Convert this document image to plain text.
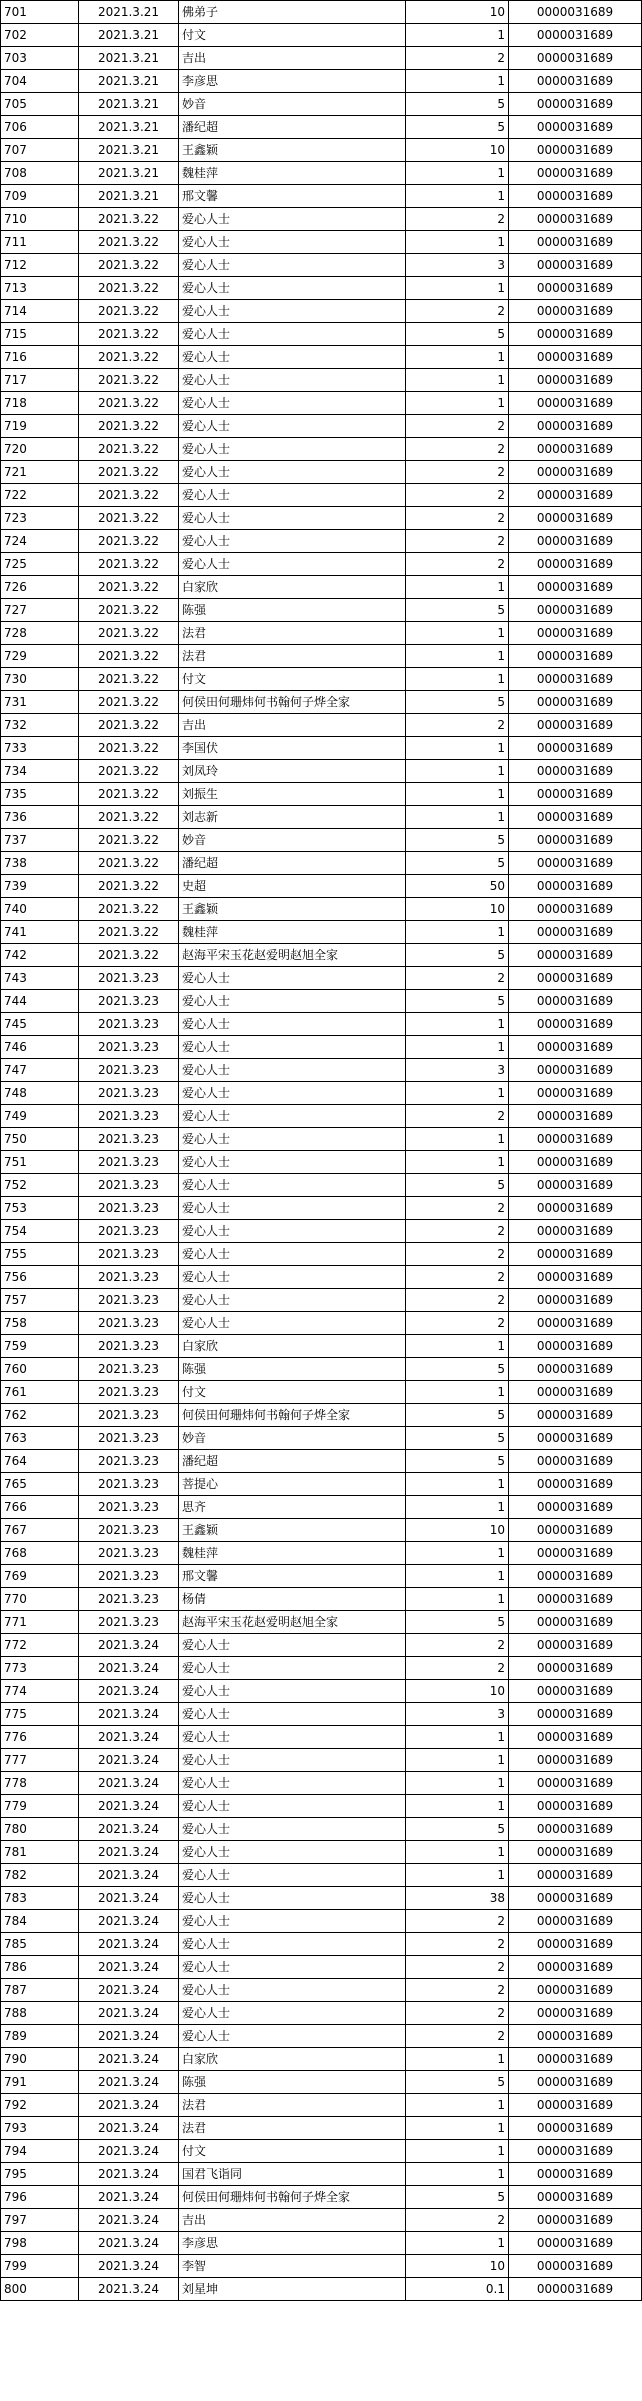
701	2021.3.21	佛弟子	10	0000031689
702	2021.3.21	付文	1	0000031689
703	2021.3.21	吉出	2	0000031689
704	2021.3.21	李彦思	1	0000031689
705	2021.3.21	妙音	5	0000031689
706	2021.3.21	潘纪超	5	0000031689
707	2021.3.21	王鑫颖	10	0000031689
708	2021.3.21	魏桂萍	1	0000031689
709	2021.3.21	邢文馨	1	0000031689
710	2021.3.22	爱心人士	2	0000031689
711	2021.3.22	爱心人士	1	0000031689
712	2021.3.22	爱心人士	3	0000031689
713	2021.3.22	爱心人士	1	0000031689
714	2021.3.22	爱心人士	2	0000031689
715	2021.3.22	爱心人士	5	0000031689
716	2021.3.22	爱心人士	1	0000031689
717	2021.3.22	爱心人士	1	0000031689
718	2021.3.22	爱心人士	1	0000031689
719	2021.3.22	爱心人士	2	0000031689
720	2021.3.22	爱心人士	2	0000031689
721	2021.3.22	爱心人士	2	0000031689
722	2021.3.22	爱心人士	2	0000031689
723	2021.3.22	爱心人士	2	0000031689
724	2021.3.22	爱心人士	2	0000031689
725	2021.3.22	爱心人士	2	0000031689
726	2021.3.22	白家欣	1	0000031689
727	2021.3.22	陈强	5	0000031689
728	2021.3.22	法君	1	0000031689
729	2021.3.22	法君	1	0000031689
730	2021.3.22	付文	1	0000031689
731	2021.3.22	何侯田何珊炜何书翰何子烨全家	5	0000031689
732	2021.3.22	吉出	2	0000031689
733	2021.3.22	李国伏	1	0000031689
734	2021.3.22	刘凤玲	1	0000031689
735	2021.3.22	刘振生	1	0000031689
736	2021.3.22	刘志新	1	0000031689
737	2021.3.22	妙音	5	0000031689
738	2021.3.22	潘纪超	5	0000031689
739	2021.3.22	史超	50	0000031689
740	2021.3.22	王鑫颖	10	0000031689
741	2021.3.22	魏桂萍	1	0000031689
742	2021.3.22	赵海平宋玉花赵爱明赵旭全家	5	0000031689
743	2021.3.23	爱心人士	2	0000031689
744	2021.3.23	爱心人士	5	0000031689
745	2021.3.23	爱心人士	1	0000031689
746	2021.3.23	爱心人士	1	0000031689
747	2021.3.23	爱心人士	3	0000031689
748	2021.3.23	爱心人士	1	0000031689
749	2021.3.23	爱心人士	2	0000031689
750	2021.3.23	爱心人士	1	0000031689
751	2021.3.23	爱心人士	1	0000031689
752	2021.3.23	爱心人士	5	0000031689
753	2021.3.23	爱心人士	2	0000031689
754	2021.3.23	爱心人士	2	0000031689
755	2021.3.23	爱心人士	2	0000031689
756	2021.3.23	爱心人士	2	0000031689
757	2021.3.23	爱心人士	2	0000031689
758	2021.3.23	爱心人士	2	0000031689
759	2021.3.23	白家欣	1	0000031689
760	2021.3.23	陈强	5	0000031689
761	2021.3.23	付文	1	0000031689
762	2021.3.23	何侯田何珊炜何书翰何子烨全家	5	0000031689
763	2021.3.23	妙音	5	0000031689
764	2021.3.23	潘纪超	5	0000031689
765	2021.3.23	菩提心	1	0000031689
766	2021.3.23	思齐	1	0000031689
767	2021.3.23	王鑫颖	10	0000031689
768	2021.3.23	魏桂萍	1	0000031689
769	2021.3.23	邢文馨	1	0000031689
770	2021.3.23	杨倩	1	0000031689
771	2021.3.23	赵海平宋玉花赵爱明赵旭全家	5	0000031689
772	2021.3.24	爱心人士	2	0000031689
773	2021.3.24	爱心人士	2	0000031689
774	2021.3.24	爱心人士	10	0000031689
775	2021.3.24	爱心人士	3	0000031689
776	2021.3.24	爱心人士	1	0000031689
777	2021.3.24	爱心人士	1	0000031689
778	2021.3.24	爱心人士	1	0000031689
779	2021.3.24	爱心人士	1	0000031689
780	2021.3.24	爱心人士	5	0000031689
781	2021.3.24	爱心人士	1	0000031689
782	2021.3.24	爱心人士	1	0000031689
783	2021.3.24	爱心人士	38	0000031689
784	2021.3.24	爱心人士	2	0000031689
785	2021.3.24	爱心人士	2	0000031689
786	2021.3.24	爱心人士	2	0000031689
787	2021.3.24	爱心人士	2	0000031689
788	2021.3.24	爱心人士	2	0000031689
789	2021.3.24	爱心人士	2	0000031689
790	2021.3.24	白家欣	1	0000031689
791	2021.3.24	陈强	5	0000031689
792	2021.3.24	法君	1	0000031689
793	2021.3.24	法君	1	0000031689
794	2021.3.24	付文	1	0000031689
795	2021.3.24	国君飞诣同	1	0000031689
796	2021.3.24	何侯田何珊炜何书翰何子烨全家	5	0000031689
797	2021.3.24	吉出	2	0000031689
798	2021.3.24	李彦思	1	0000031689
799	2021.3.24	李智	10	0000031689
800	2021.3.24	刘星坤	0.1	0000031689
